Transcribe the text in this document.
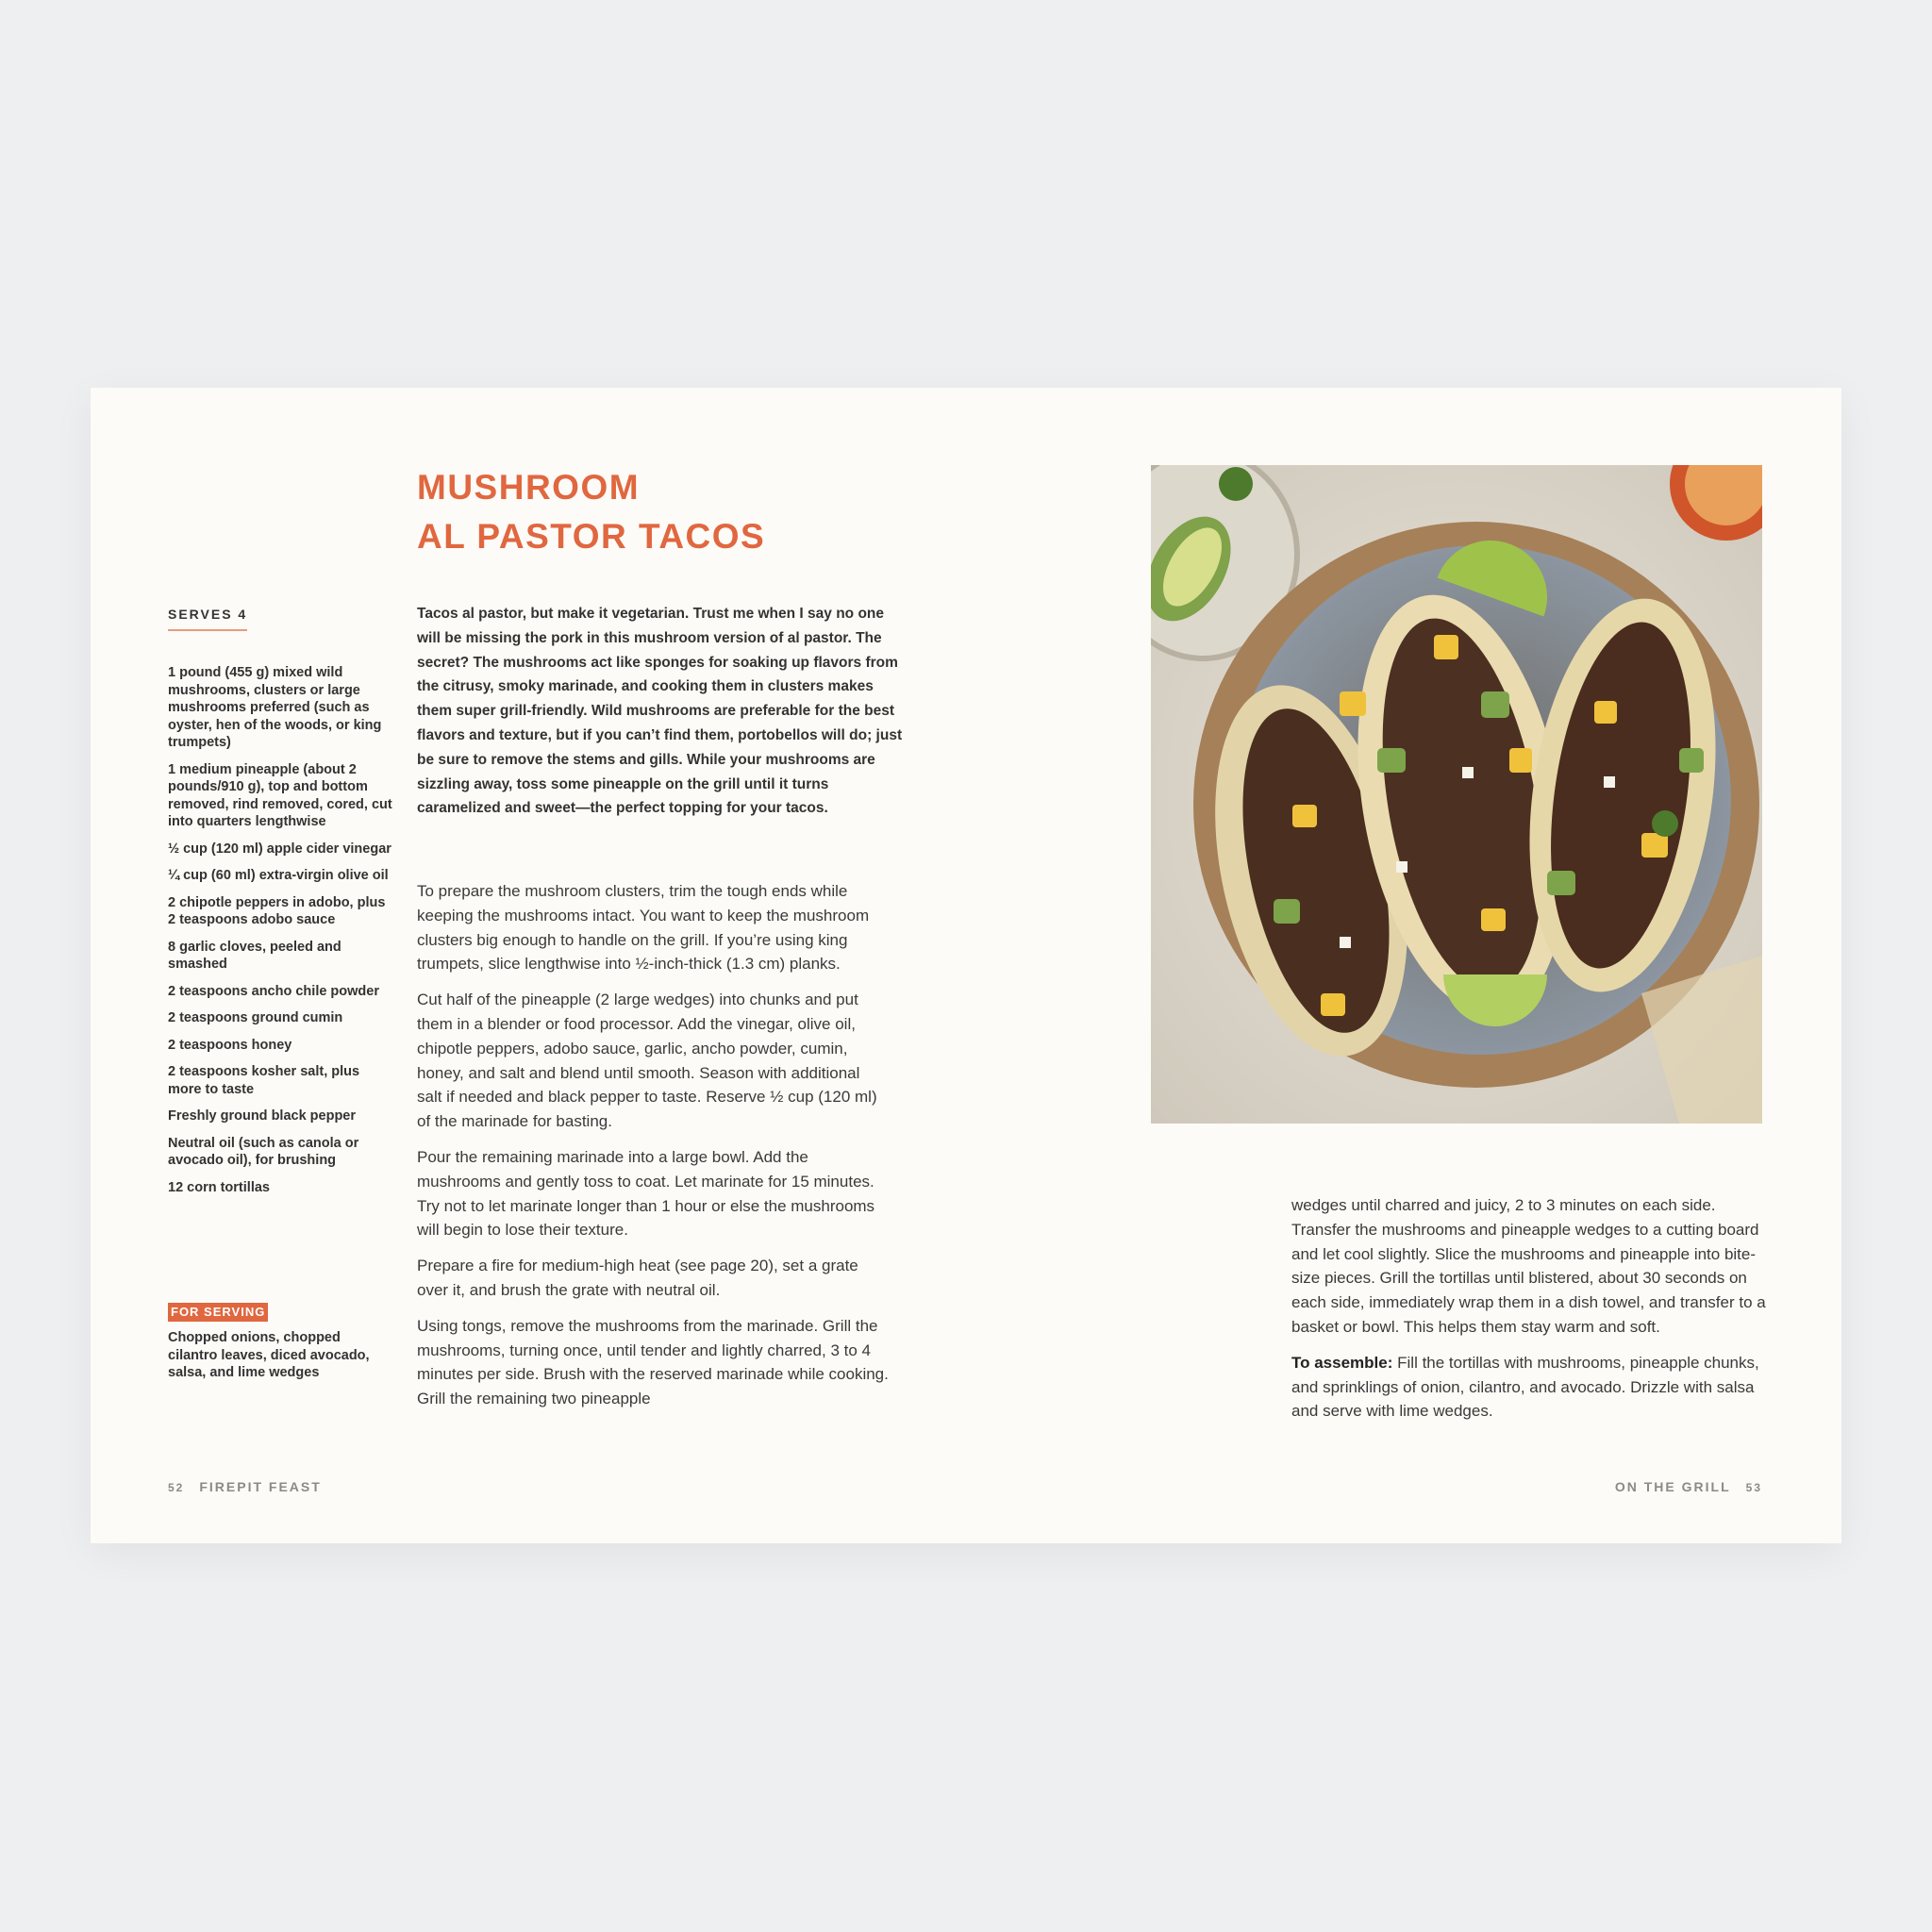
MUSHROOM
AL PASTOR TACOS
SERVES 4
1 pound (455 g) mixed wild mushrooms, clusters or large mushrooms preferred (such as oyster, hen of the woods, or king trumpets)
1 medium pineapple (about 2 pounds/910 g), top and bottom removed, rind removed, cored, cut into quarters lengthwise
½ cup (120 ml) apple cider vinegar
¼ cup (60 ml) extra-virgin olive oil
2 chipotle peppers in adobo, plus 2 teaspoons adobo sauce
8 garlic cloves, peeled and smashed
2 teaspoons ancho chile powder
2 teaspoons ground cumin
2 teaspoons honey
2 teaspoons kosher salt, plus more to taste
Freshly ground black pepper
Neutral oil (such as canola or avocado oil), for brushing
12 corn tortillas
FOR SERVING

Chopped onions, chopped cilantro leaves, diced avocado, salsa, and lime wedges

Tacos al pastor, but make it vegetarian. Trust me when I say no one will be missing the pork in this mushroom version of al pastor. The secret? The mushrooms act like sponges for soaking up flavors from the citrusy, smoky marinade, and cooking them in clusters makes them super grill-friendly. Wild mushrooms are preferable for the best flavors and texture, but if you can’t find them, portobellos will do; just be sure to remove the stems and gills. While your mushrooms are sizzling away, toss some pineapple on the grill until it turns caramelized and sweet—the perfect topping for your tacos.

To prepare the mushroom clusters, trim the tough ends while keeping the mushrooms intact. You want to keep the mushroom clusters big enough to handle on the grill. If you’re using king trumpets, slice lengthwise into ½-inch-thick (1.3 cm) planks.

Cut half of the pineapple (2 large wedges) into chunks and put them in a blender or food processor. Add the vinegar, olive oil, chipotle peppers, adobo sauce, garlic, ancho powder, cumin, honey, and salt and blend until smooth. Season with additional salt if needed and black pepper to taste. Reserve ½ cup (120 ml) of the marinade for basting.

Pour the remaining marinade into a large bowl. Add the mushrooms and gently toss to coat. Let marinate for 15 minutes. Try not to let marinate longer than 1 hour or else the mushrooms will begin to lose their texture.

Prepare a fire for medium-high heat (see page 20), set a grate over it, and brush the grate with neutral oil.

Using tongs, remove the mushrooms from the marinade. Grill the mushrooms, turning once, until tender and lightly charred, 3 to 4 minutes per side. Brush with the reserved marinade while cooking. Grill the remaining two pineapple

wedges until charred and juicy, 2 to 3 minutes on each side. Transfer the mushrooms and pineapple wedges to a cutting board and let cool slightly. Slice the mushrooms and pineapple into bite-size pieces. Grill the tortillas until blistered, about 30 seconds on each side, immediately wrap them in a dish towel, and transfer to a basket or bowl. This helps them stay warm and soft.

To assemble: Fill the tortillas with mushrooms, pineapple chunks, and sprinklings of onion, cilantro, and avocado. Drizzle with salsa and serve with lime wedges.

52 FIREPIT FEAST	ON THE GRILL 53
